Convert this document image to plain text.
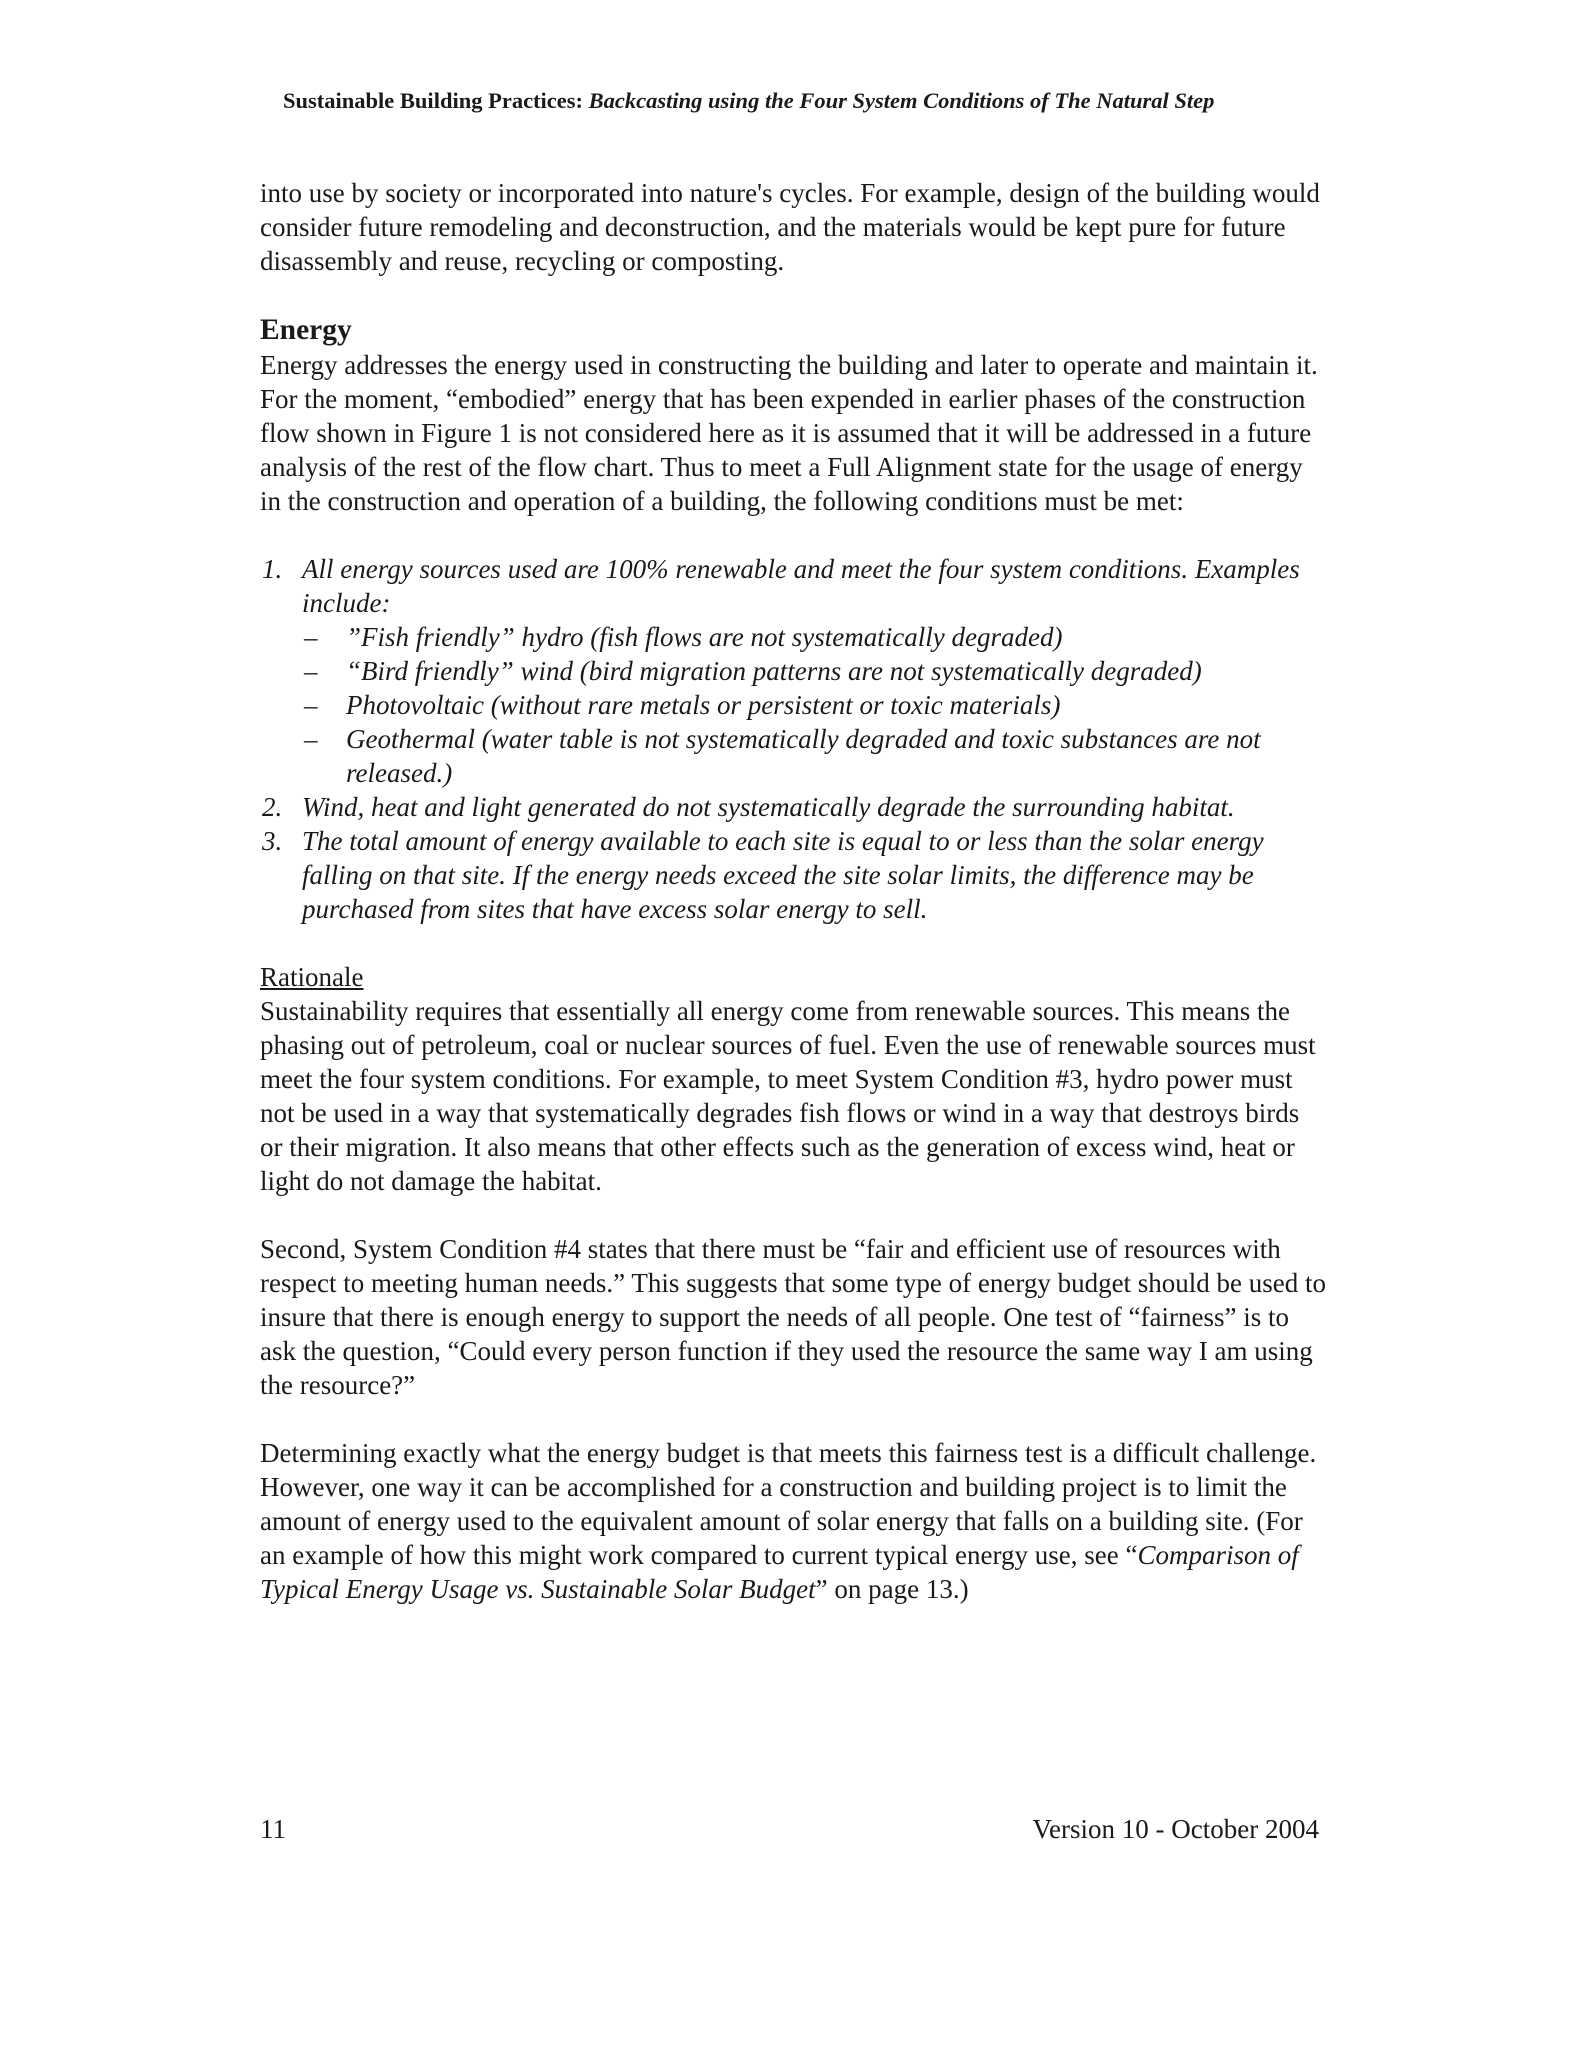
Sustainable Building Practices: Backcasting using the Four System Conditions of The Natural Step

into use by society or incorporated into nature's cycles. For example, design of the building would consider future remodeling and deconstruction, and the materials would be kept pure for future disassembly and reuse, recycling or composting.

Energy

Energy addresses the energy used in constructing the building and later to operate and maintain it. For the moment, “embodied” energy that has been expended in earlier phases of the construction flow shown in Figure 1 is not considered here as it is assumed that it will be addressed in a future analysis of the rest of the flow chart. Thus to meet a Full Alignment state for the usage of energy in the construction and operation of a building, the following conditions must be met:

1. All energy sources used are 100% renewable and meet the four system conditions. Examples include:
– ”Fish friendly” hydro (fish flows are not systematically degraded)
– “Bird friendly” wind (bird migration patterns are not systematically degraded)
– Photovoltaic (without rare metals or persistent or toxic materials)
– Geothermal (water table is not systematically degraded and toxic substances are not released.)
2. Wind, heat and light generated do not systematically degrade the surrounding habitat.
3. The total amount of energy available to each site is equal to or less than the solar energy falling on that site. If the energy needs exceed the site solar limits, the difference may be purchased from sites that have excess solar energy to sell.

Rationale

Sustainability requires that essentially all energy come from renewable sources. This means the phasing out of petroleum, coal or nuclear sources of fuel. Even the use of renewable sources must meet the four system conditions. For example, to meet System Condition #3, hydro power must not be used in a way that systematically degrades fish flows or wind in a way that destroys birds or their migration. It also means that other effects such as the generation of excess wind, heat or light do not damage the habitat.

Second, System Condition #4 states that there must be “fair and efficient use of resources with respect to meeting human needs.” This suggests that some type of energy budget should be used to insure that there is enough energy to support the needs of all people. One test of “fairness” is to ask the question, “Could every person function if they used the resource the same way I am using the resource?”

Determining exactly what the energy budget is that meets this fairness test is a difficult challenge. However, one way it can be accomplished for a construction and building project is to limit the amount of energy used to the equivalent amount of solar energy that falls on a building site. (For an example of how this might work compared to current typical energy use, see “Comparison of Typical Energy Usage vs. Sustainable Solar Budget” on page 13.)

11	Version 10 - October 2004
